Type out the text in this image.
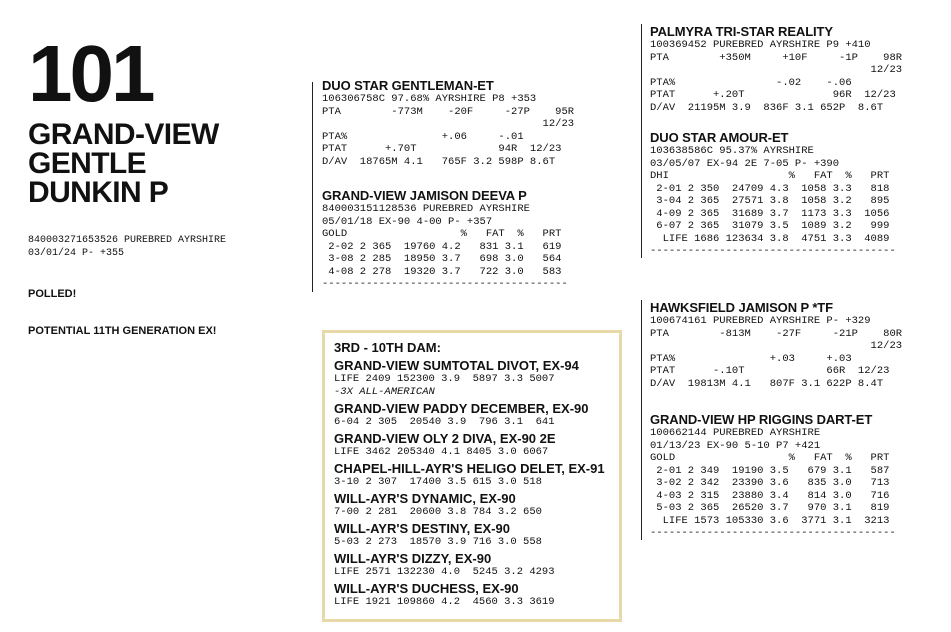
101
GRAND-VIEW
GENTLE
DUNKIN P
840003271653526 PUREBRED AYRSHIRE
03/01/24 P- +355
POLLED!
POTENTIAL 11TH GENERATION EX!
DUO STAR GENTLEMAN-ET
106306758C 97.68% AYRSHIRE P8 +353
PTA        -773M    -20F     -27P    95R
12/23
PTA%               +.06     -.01
PTAT      +.70T             94R  12/23
D/AV  18765M 4.1   765F 3.2 598P 8.6T
GRAND-VIEW JAMISON DEEVA P
840003151128536 PUREBRED AYRSHIRE
05/01/18 EX-90 4-00 P- +357
GOLD                  %   FAT  %   PRT
2-02 2 365  19760 4.2   831 3.1   619
3-08 2 285  18950 3.7   698 3.0   564
4-08 2 278  19320 3.7   722 3.0   583
---------------------------------------
3RD - 10TH DAM:
GRAND-VIEW SUMTOTAL DIVOT, EX-94
LIFE 2409 152300 3.9  5897 3.3 5007
-3X ALL-AMERICAN
GRAND-VIEW PADDY DECEMBER, EX-90
6-04 2 305  20540 3.9  796 3.1  641
GRAND-VIEW OLY 2 DIVA, EX-90 2E
LIFE 3462 205340 4.1 8405 3.0 6067
CHAPEL-HILL-AYR'S HELIGO DELET, EX-91
3-10 2 307  17400 3.5 615 3.0 518
WILL-AYR'S DYNAMIC, EX-90
7-00 2 281  20600 3.8 784 3.2 650
WILL-AYR'S DESTINY, EX-90
5-03 2 273  18570 3.9 716 3.0 558
WILL-AYR'S DIZZY, EX-90
LIFE 2571 132230 4.0  5245 3.2 4293
WILL-AYR'S DUCHESS, EX-90
LIFE 1921 109860 4.2  4560 3.3 3619
PALMYRA TRI-STAR REALITY
100369452 PUREBRED AYRSHIRE P9 +410
PTA        +350M     +10F     -1P    98R
12/23
PTA%                -.02    -.06
PTAT      +.20T              96R  12/23
D/AV  21195M 3.9  836F 3.1 652P  8.6T
DUO STAR AMOUR-ET
103638586C 95.37% AYRSHIRE
03/05/07 EX-94 2E 7-05 P- +390
DHI                   %   FAT  %   PRT
2-01 2 350  24709 4.3  1058 3.3   818
3-04 2 365  27571 3.8  1058 3.2   895
4-09 2 365  31689 3.7  1173 3.3  1056
6-07 2 365  31079 3.5  1089 3.2   999
LIFE 1686 123634 3.8  4751 3.3  4089
---------------------------------------
HAWKSFIELD JAMISON P *TF
100674161 PUREBRED AYRSHIRE P- +329
PTA        -813M    -27F     -21P    80R
12/23
PTA%               +.03     +.03
PTAT      -.10T             66R  12/23
D/AV  19813M 4.1   807F 3.1 622P 8.4T
GRAND-VIEW HP RIGGINS DART-ET
100662144 PUREBRED AYRSHIRE
01/13/23 EX-90 5-10 P7 +421
GOLD                  %   FAT  %   PRT
2-01 2 349  19190 3.5   679 3.1   587
3-02 2 342  23390 3.6   835 3.0   713
4-03 2 315  23880 3.4   814 3.0   716
5-03 2 365  26520 3.7   970 3.1   819
LIFE 1573 105330 3.6  3771 3.1  3213
---------------------------------------
